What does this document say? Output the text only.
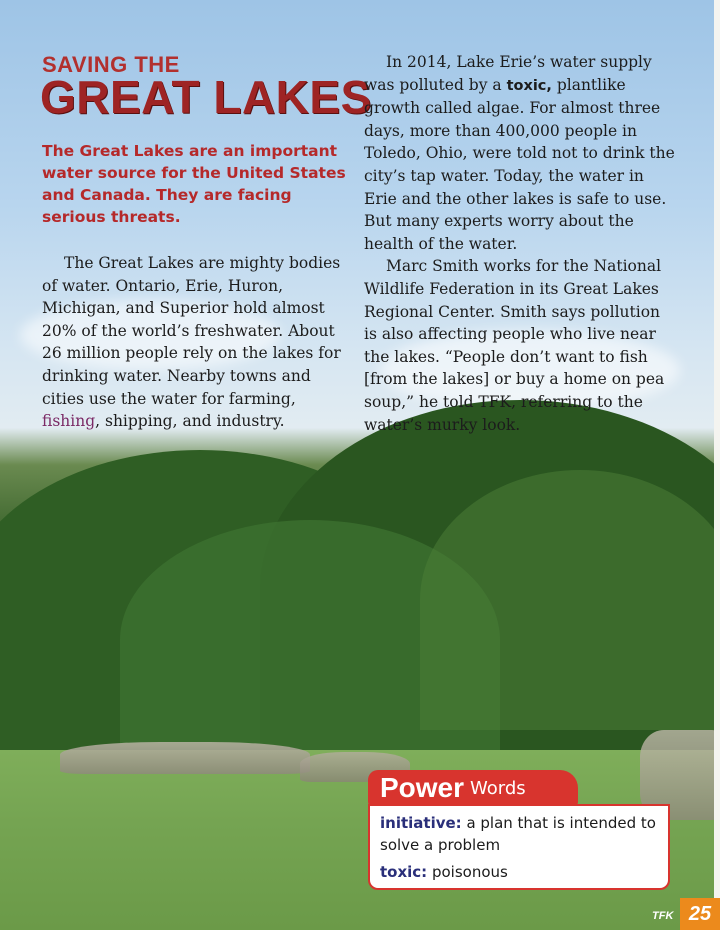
SAVING THE
GREAT LAKES

The Great Lakes are an important water source for the United States and Canada. They are facing serious threats.

The Great Lakes are mighty bodies of water. Ontario, Erie, Huron, Michigan, and Superior hold almost 20% of the world’s freshwater. About 26 million people rely on the lakes for drinking water. Nearby towns and cities use the water for farming, fishing, shipping, and industry.

In 2014, Lake Erie’s water supply was polluted by a toxic, plantlike growth called algae. For almost three days, more than 400,000 people in Toledo, Ohio, were told not to drink the city’s tap water. Today, the water in Erie and the other lakes is safe to use. But many experts worry about the health of the water.

Marc Smith works for the National Wildlife Federation in its Great Lakes Regional Center. Smith says pollution is also affecting people who live near the lakes. “People don’t want to fish [from the lakes] or buy a home on pea soup,” he told TFK, referring to the water’s murky look.

Power Words

initiative: a plan that is intended to solve a problem

toxic: poisonous

TFK 25
